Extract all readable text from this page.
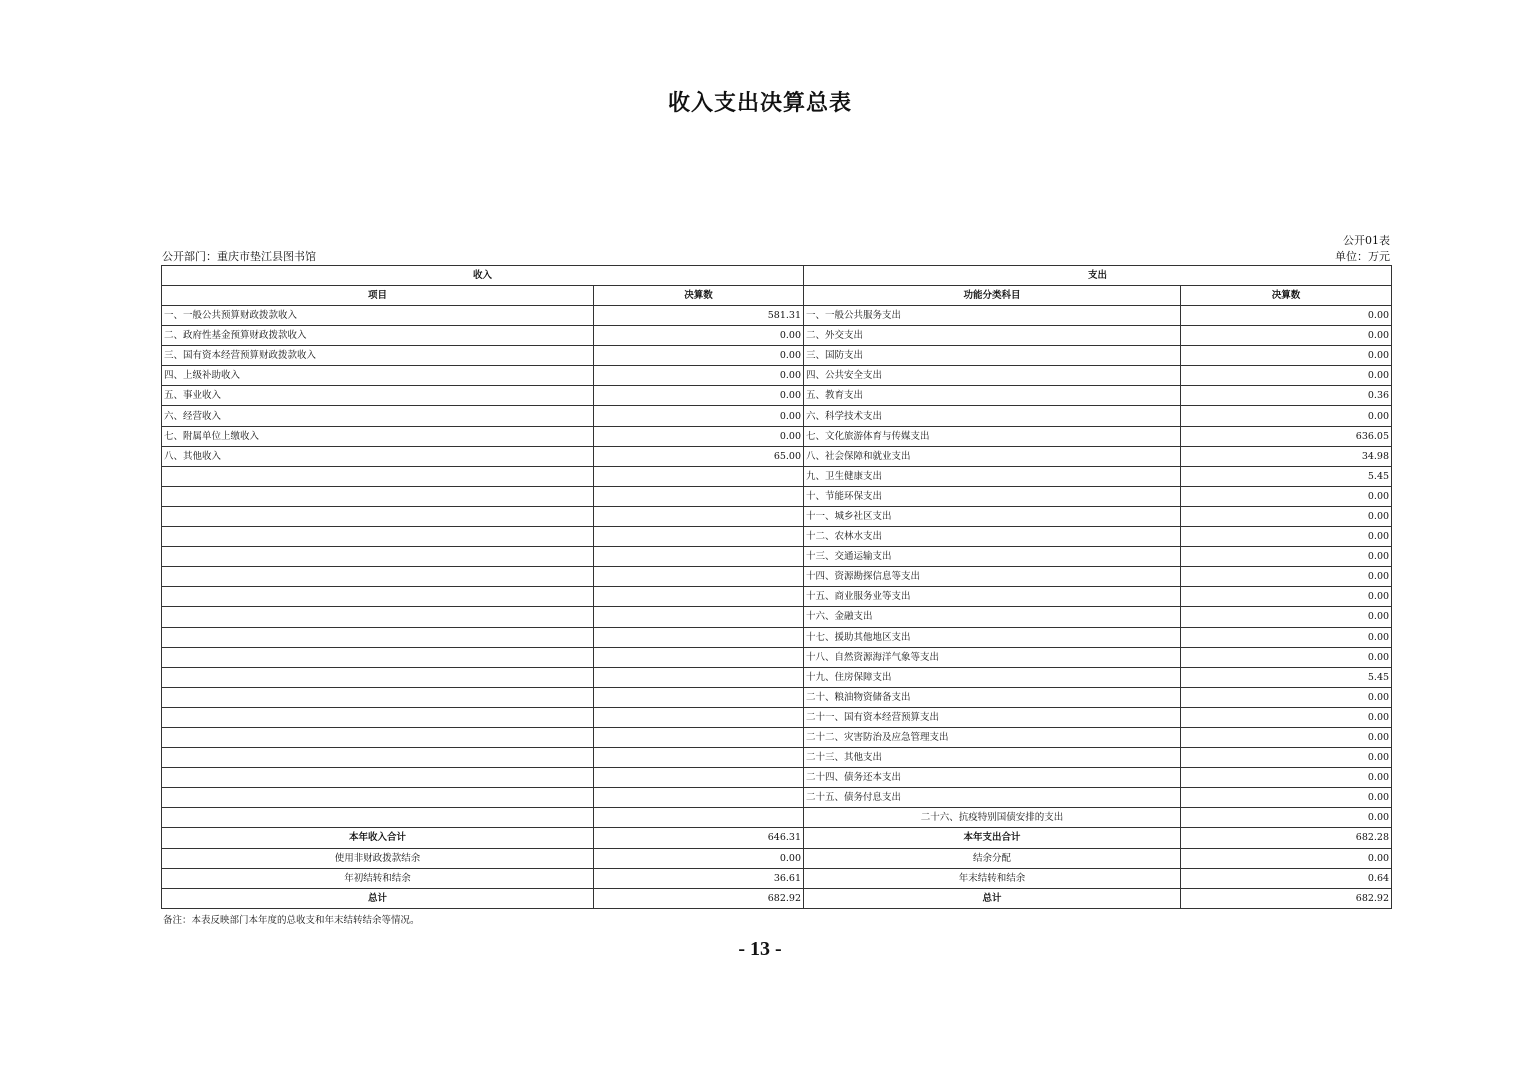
收入支出决算总表
公开01表
单位：万元
公开部门：重庆市垫江县图书馆
收入		支出	
项目	决算数	功能分类科目	决算数
一、一般公共预算财政拨款收入	581.31	一、一般公共服务支出	0.00
二、政府性基金预算财政拨款收入	0.00	二、外交支出	0.00
三、国有资本经营预算财政拨款收入	0.00	三、国防支出	0.00
四、上级补助收入	0.00	四、公共安全支出	0.00
五、事业收入	0.00	五、教育支出	0.36
六、经营收入	0.00	六、科学技术支出	0.00
七、附属单位上缴收入	0.00	七、文化旅游体育与传媒支出	636.05
八、其他收入	65.00	八、社会保障和就业支出	34.98
		九、卫生健康支出	5.45
		十、节能环保支出	0.00
		十一、城乡社区支出	0.00
		十二、农林水支出	0.00
		十三、交通运输支出	0.00
		十四、资源勘探信息等支出	0.00
		十五、商业服务业等支出	0.00
		十六、金融支出	0.00
		十七、援助其他地区支出	0.00
		十八、自然资源海洋气象等支出	0.00
		十九、住房保障支出	5.45
		二十、粮油物资储备支出	0.00
		二十一、国有资本经营预算支出	0.00
		二十二、灾害防治及应急管理支出	0.00
		二十三、其他支出	0.00
		二十四、债务还本支出	0.00
		二十五、债务付息支出	0.00
		二十六、抗疫特别国债安排的支出	0.00
本年收入合计	646.31	本年支出合计	682.28
使用非财政拨款结余	0.00	结余分配	0.00
年初结转和结余	36.61	年末结转和结余	0.64
总计	682.92	总计	682.92
备注：本表反映部门本年度的总收支和年末结转结余等情况。
- 13 -
